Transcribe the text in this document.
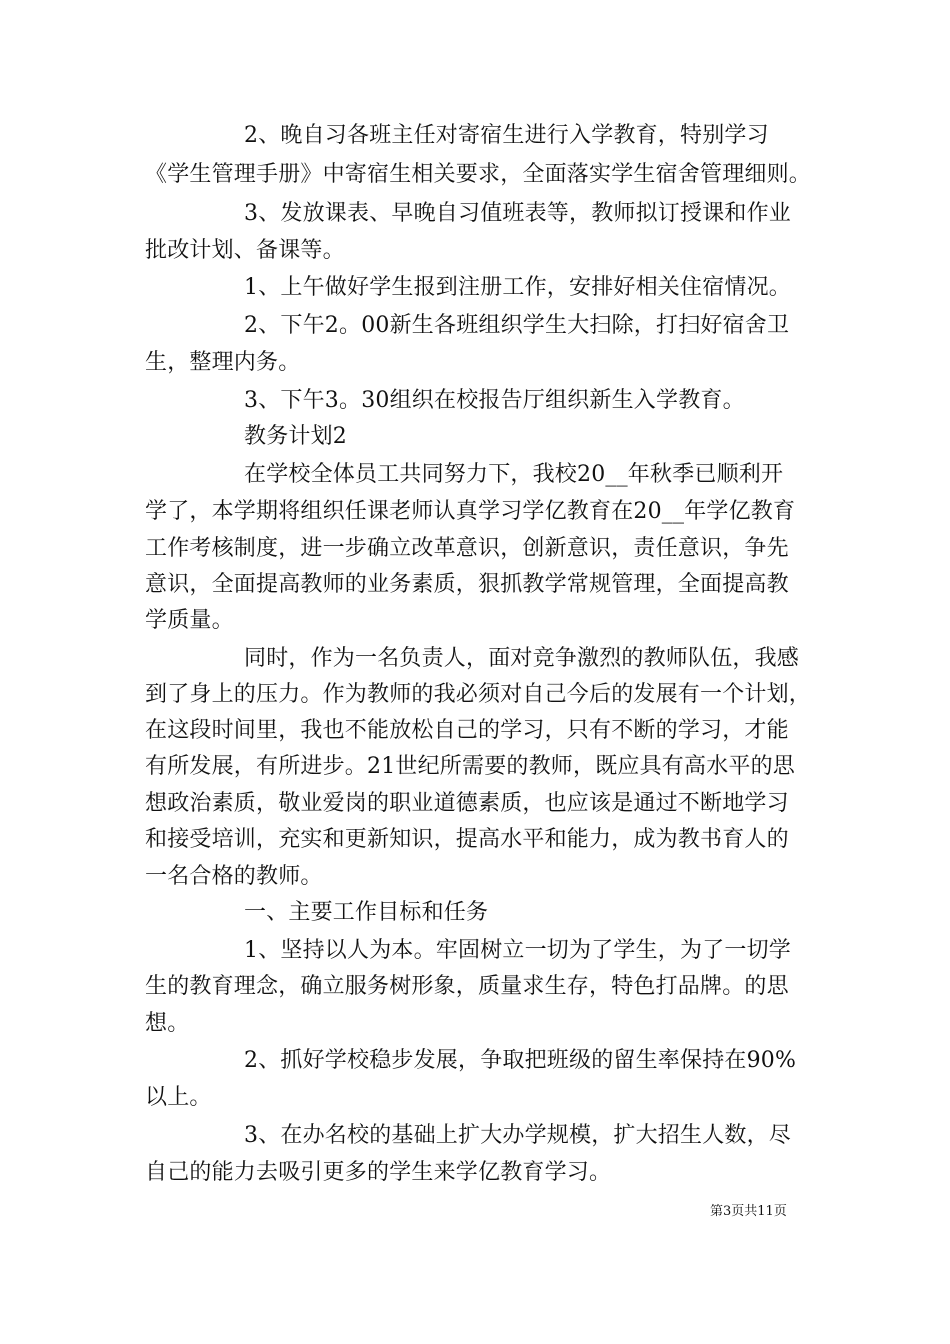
2、晚自习各班主任对寄宿生进行入学教育，特别学习
《学生管理手册》中寄宿生相关要求，全面落实学生宿舍管理细则。
3、发放课表、早晚自习值班表等，教师拟订授课和作业
批改计划、备课等。
1、上午做好学生报到注册工作，安排好相关住宿情况。
2、下午2。00新生各班组织学生大扫除，打扫好宿舍卫
生，整理内务。
3、下午3。30组织在校报告厅组织新生入学教育。
教务计划2
在学校全体员工共同努力下，我校20__年秋季已顺利开
学了，本学期将组织任课老师认真学习学亿教育在20__年学亿教育
工作考核制度，进一步确立改革意识，创新意识，责任意识，争先
意识，全面提高教师的业务素质，狠抓教学常规管理，全面提高教
学质量。
同时，作为一名负责人，面对竞争激烈的教师队伍，我感
到了身上的压力。作为教师的我必须对自己今后的发展有一个计划，
在这段时间里，我也不能放松自己的学习，只有不断的学习，才能
有所发展，有所进步。21世纪所需要的教师，既应具有高水平的思
想政治素质，敬业爱岗的职业道德素质，也应该是通过不断地学习
和接受培训，充实和更新知识，提高水平和能力，成为教书育人的
一名合格的教师。
一、主要工作目标和任务
1、坚持以人为本。牢固树立一切为了学生，为了一切学
生的教育理念，确立服务树形象，质量求生存，特色打品牌。的思
想。
2、抓好学校稳步发展，争取把班级的留生率保持在90%
以上。
3、在办名校的基础上扩大办学规模，扩大招生人数，尽
自己的能力去吸引更多的学生来学亿教育学习。
第3页共11页
